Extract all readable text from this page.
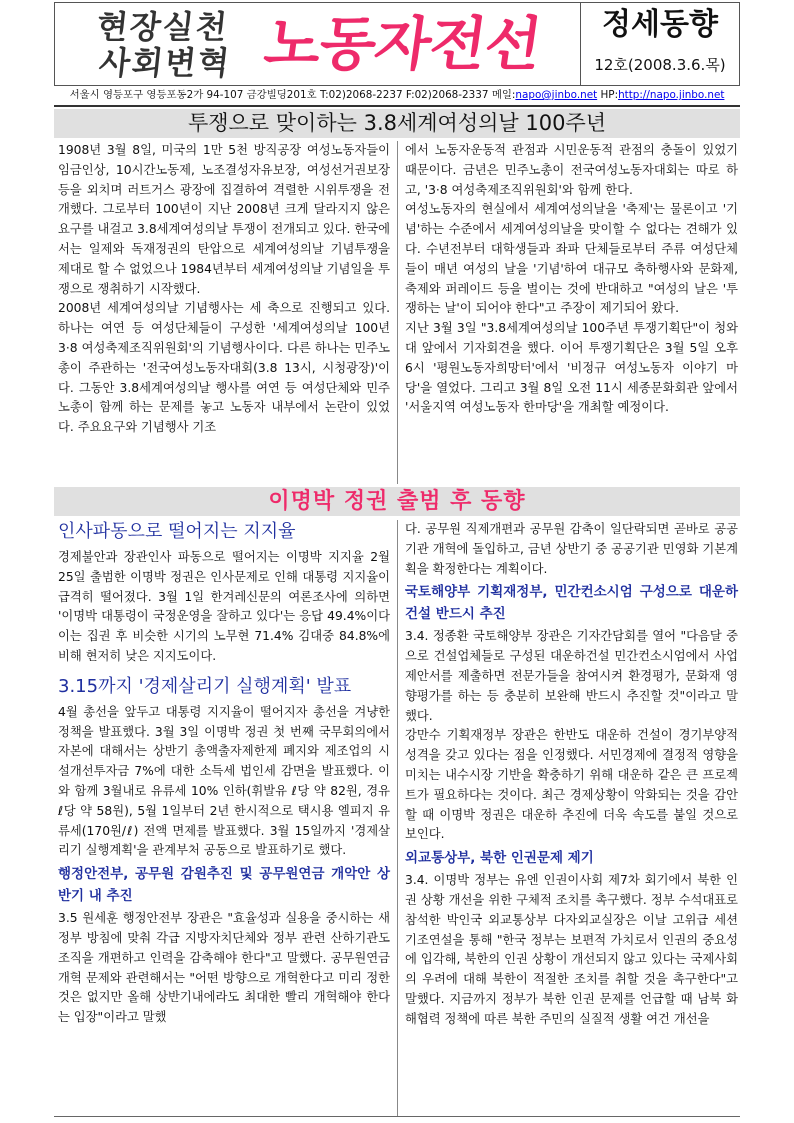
현장실천
사회변혁 노동자전선	정세동향
12호(2008.3.6.목)
서울시 영등포구 영등포동2가 94-107 금강빌딩201호 T:02)2068-2237 F:02)2068-2337 메일:napo@jinbo.net HP:http://napo.jinbo.net
투쟁으로 맞이하는 3.8세계여성의날 100주년

1908년 3월 8일, 미국의 1만 5천 방직공장 여성노동자들이 임금인상, 10시간노동제, 노조결성자유보장, 여성선거권보장 등을 외치며 러트거스 광장에 집결하여 격렬한 시위투쟁을 전개했다. 그로부터 100년이 지난 2008년 크게 달라지지 않은 요구를 내걸고 3.8세계여성의날 투쟁이 전개되고 있다. 한국에서는 일제와 독재정권의 탄압으로 세계여성의날 기념투쟁을 제대로 할 수 없었으나 1984년부터 세계여성의날 기념일을 투쟁으로 쟁취하기 시작했다.

2008년 세계여성의날 기념행사는 세 축으로 진행되고 있다. 하나는 여연 등 여성단체들이 구성한 '세계여성의날 100년 3·8 여성축제조직위원회'의 기념행사이다. 다른 하나는 민주노총이 주관하는 '전국여성노동자대회(3.8 13시, 시청광장)'이다. 그동안 3.8세계여성의날 행사를 여연 등 여성단체와 민주노총이 함께 하는 문제를 놓고 노동자 내부에서 논란이 있었다. 주요요구와 기념행사 기조

에서 노동자운동적 관점과 시민운동적 관점의 충돌이 있었기 때문이다. 금년은 민주노총이 전국여성노동자대회는 따로 하고, '3·8 여성축제조직위원회'와 함께 한다.

여성노동자의 현실에서 세계여성의날을 '축제'는 물론이고 '기념'하는 수준에서 세계여성의날을 맞이할 수 없다는 견해가 있다. 수년전부터 대학생들과 좌파 단체들로부터 주류 여성단체들이 매년 여성의 날을 '기념'하여 대규모 축하행사와 문화제, 축제와 퍼레이드 등을 벌이는 것에 반대하고 "여성의 날은 '투쟁하는 날'이 되어야 한다"고 주장이 제기되어 왔다.

지난 3월 3일 "3.8세계여성의날 100주년 투쟁기획단"이 청와대 앞에서 기자회견을 했다. 이어 투쟁기획단은 3월 5일 오후 6시 '평원노동자희망터'에서 '비정규 여성노동자 이야기 마당'을 열었다. 그리고 3월 8일 오전 11시 세종문화회관 앞에서 '서울지역 여성노동자 한마당'을 개최할 예정이다.

이명박 정권 출범 후 동향
인사파동으로 떨어지는 지지율

경제불안과 장관인사 파동으로 떨어지는 이명박 지지율 2월 25일 출범한 이명박 정권은 인사문제로 인해 대통령 지지율이 급격히 떨어졌다. 3월 1일 한겨레신문의 여론조사에 의하면 '이명박 대통령이 국정운영을 잘하고 있다'는 응답 49.4%이다 이는 집권 후 비슷한 시기의 노무현 71.4% 김대중 84.8%에 비해 현저히 낮은 지지도이다.

3.15까지 '경제살리기 실행계획' 발표

4월 총선을 앞두고 대통령 지지율이 떨어지자 총선을 겨냥한 정책을 발표했다. 3월 3일 이명박 정권 첫 번째 국무회의에서 자본에 대해서는 상반기 총액출자제한제 폐지와 제조업의 시설개선투자금 7%에 대한 소득세 법인세 감면을 발표했다. 이와 함께 3월내로 유류세 10% 인하(휘발유 ℓ당 약 82원, 경유 ℓ당 약 58원), 5월 1일부터 2년 한시적으로 택시용 엘피지 유류세(170원/ℓ) 전액 면제를 발표했다. 3월 15일까지 '경제살리기 실행계획'을 관계부처 공동으로 발표하기로 했다.

행정안전부, 공무원 감원추진 및 공무원연금 개악안 상반기 내 추진

3.5 원세훈 행정안전부 장관은 "효율성과 실용을 중시하는 새 정부 방침에 맞춰 각급 지방자치단체와 정부 관련 산하기관도 조직을 개편하고 인력을 감축해야 한다"고 말했다. 공무원연금 개혁 문제와 관련해서는 "어떤 방향으로 개혁한다고 미리 정한 것은 없지만 올해 상반기내에라도 최대한 빨리 개혁해야 한다는 입장"이라고 말했

다. 공무원 직제개편과 공무원 감축이 일단락되면 곧바로 공공기관 개혁에 돌입하고, 금년 상반기 중 공공기관 민영화 기본계획을 확정한다는 계획이다.

국토해양부 기획재정부, 민간컨소시엄 구성으로 대운하건설 반드시 추진

3.4. 정종환 국토해양부 장관은 기자간담회를 열어 "다음달 중으로 건설업체들로 구성된 대운하건설 민간컨소시엄에서 사업제안서를 제출하면 전문가들을 참여시켜 환경평가, 문화재 영향평가를 하는 등 충분히 보완해 반드시 추진할 것"이라고 말했다.

강만수 기획재정부 장관은 한반도 대운하 건설이 경기부양적 성격을 갖고 있다는 점을 인정했다. 서민경제에 결정적 영향을 미치는 내수시장 기반을 확충하기 위해 대운하 같은 큰 프로젝트가 필요하다는 것이다. 최근 경제상황이 악화되는 것을 감안할 때 이명박 정권은 대운하 추진에 더욱 속도를 붙일 것으로 보인다.

외교통상부, 북한 인권문제 제기

3.4. 이명박 정부는 유엔 인권이사회 제7차 회기에서 북한 인권 상황 개선을 위한 구체적 조치를 촉구했다. 정부 수석대표로 참석한 박인국 외교통상부 다자외교실장은 이날 고위급 세션 기조연설을 통해 "한국 정부는 보편적 가치로서 인권의 중요성에 입각해, 북한의 인권 상황이 개선되지 않고 있다는 국제사회의 우려에 대해 북한이 적절한 조치를 취할 것을 촉구한다"고 말했다. 지금까지 정부가 북한 인권 문제를 언급할 때 남북 화해협력 정책에 따른 북한 주민의 실질적 생활 여건 개선을
